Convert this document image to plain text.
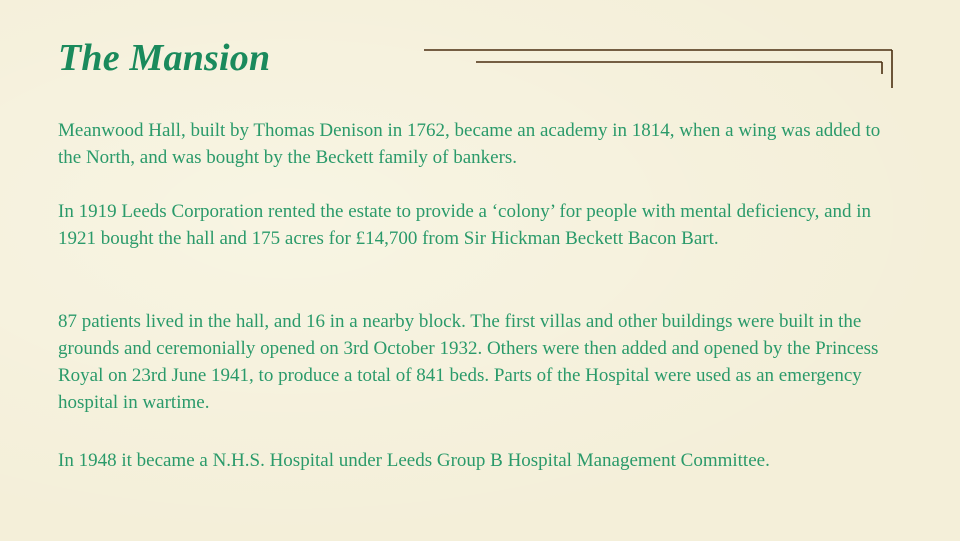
The Mansion

Meanwood Hall, built by Thomas Denison in 1762, became an academy in 1814, when a wing was added to the North, and was bought by the Beckett family of bankers.

In 1919 Leeds Corporation rented the estate to provide a ‘colony’ for people with mental deficiency, and in 1921 bought the hall and 175 acres for £14,700 from Sir Hickman Beckett Bacon Bart.

87 patients lived in the hall, and 16 in a nearby block. The first villas and other buildings were built in the grounds and ceremonially opened on 3rd October 1932. Others were then added and opened by the Princess Royal on 23rd June 1941, to produce a total of 841 beds. Parts of the Hospital were used as an emergency hospital in wartime.

In 1948 it became a N.H.S. Hospital under Leeds Group B Hospital Management Committee.
